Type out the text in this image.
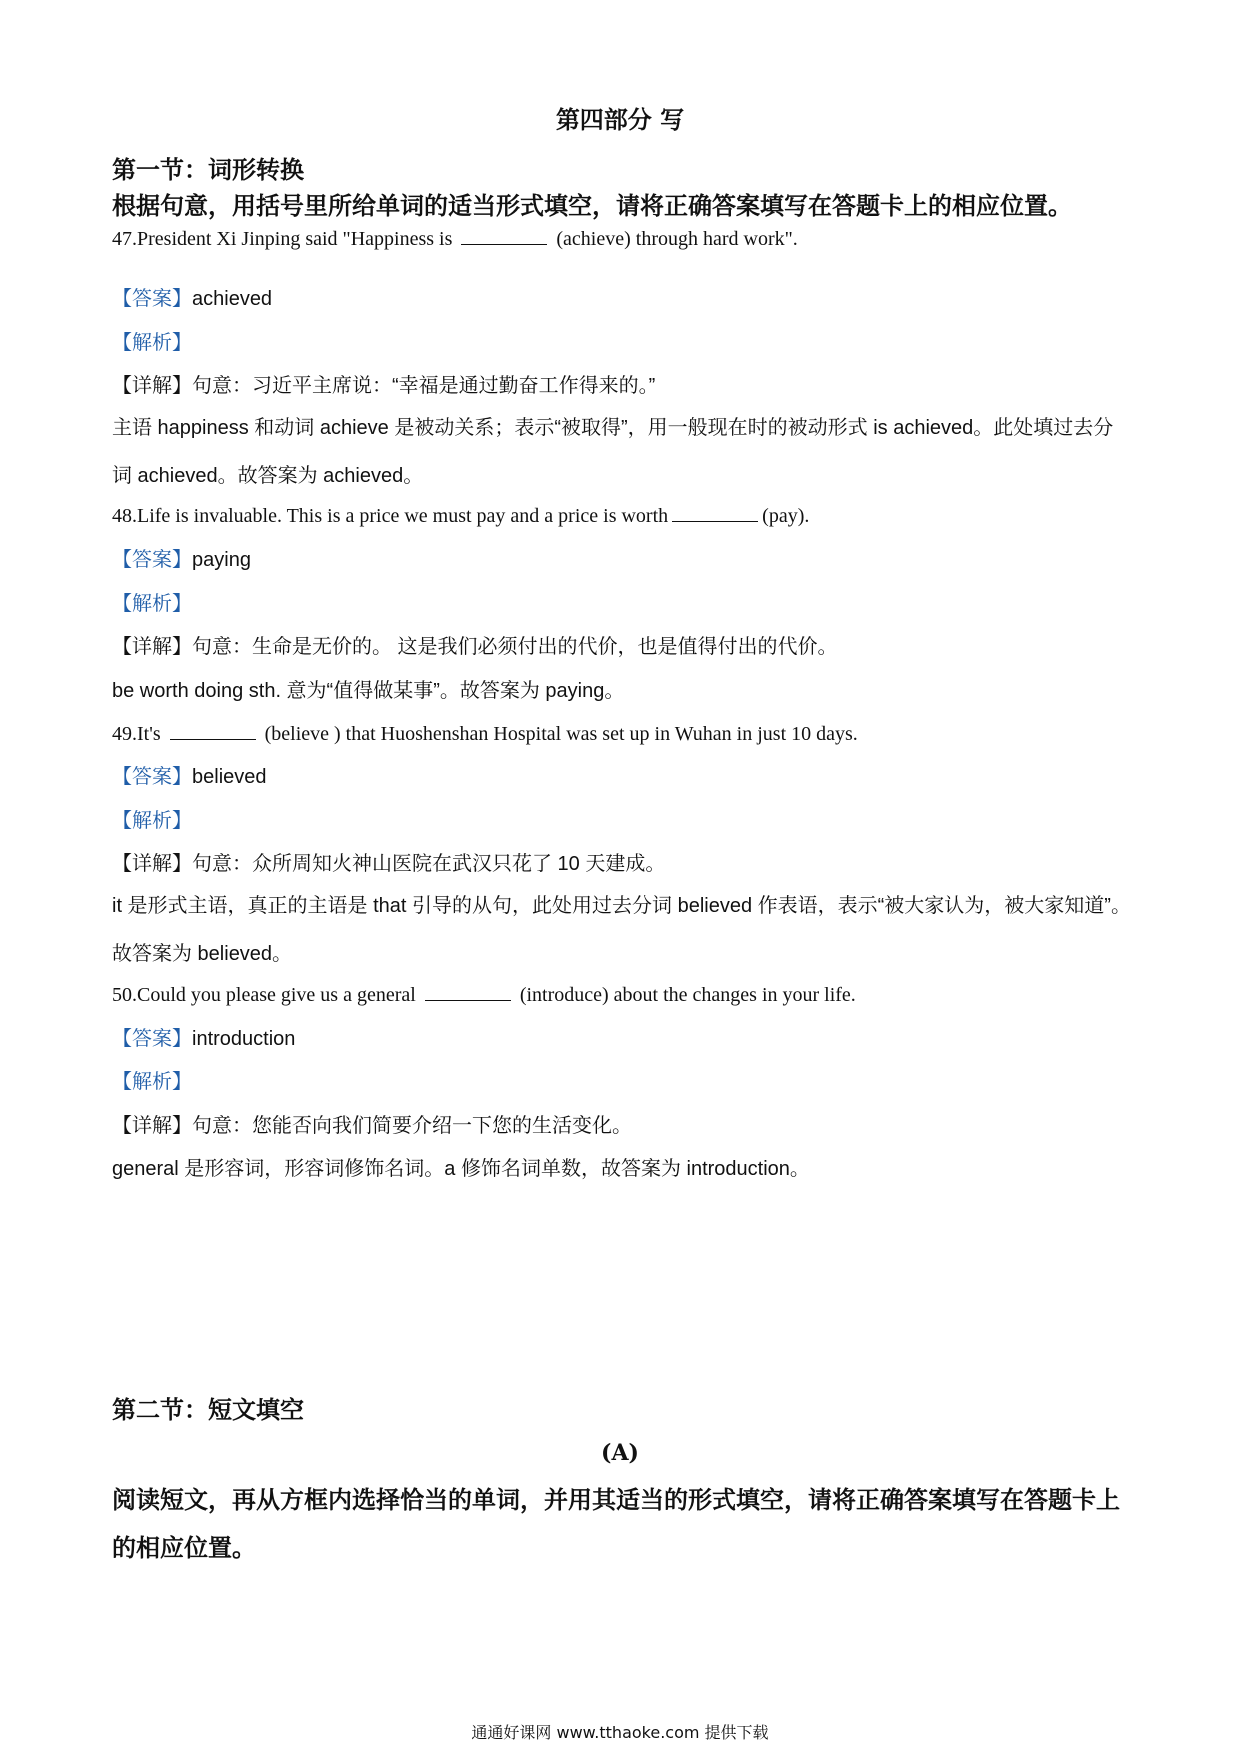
第四部分 写
第一节：词形转换
根据句意，用括号里所给单词的适当形式填空，请将正确答案填写在答题卡上的相应位置。
47.President Xi Jinping said "Happiness is	(achieve) through hard work".
【答案】achieved
【解析】
【详解】句意：习近平主席说：“幸福是通过勤奋工作得来的。”
主语 happiness 和动词 achieve 是被动关系；表示“被取得”，用一般现在时的被动形式 is achieved。此处填过去分词 achieved。故答案为 achieved。
48.Life is invaluable. This is a price we must pay and a price is worth	(pay).
【答案】paying
【解析】
【详解】句意：生命是无价的。 这是我们必须付出的代价，也是值得付出的代价。
be worth doing sth. 意为“值得做某事”。故答案为 paying。
49.It's	(believe ) that Huoshenshan Hospital was set up in Wuhan in just 10 days.
【答案】believed
【解析】
【详解】句意：众所周知火神山医院在武汉只花了 10 天建成。
it 是形式主语，真正的主语是 that 引导的从句，此处用过去分词 believed 作表语，表示“被大家认为，被大家知道”。故答案为 believed。
50.Could you please give us a general	(introduce) about the changes in your life.
【答案】introduction
【解析】
【详解】句意：您能否向我们简要介绍一下您的生活变化。
general 是形容词，形容词修饰名词。a 修饰名词单数，故答案为 introduction。
第二节：短文填空
(A)
阅读短文，再从方框内选择恰当的单词，并用其适当的形式填空，请将正确答案填写在答题卡上的相应位置。
通通好课网 www.tthaoke.com 提供下载
